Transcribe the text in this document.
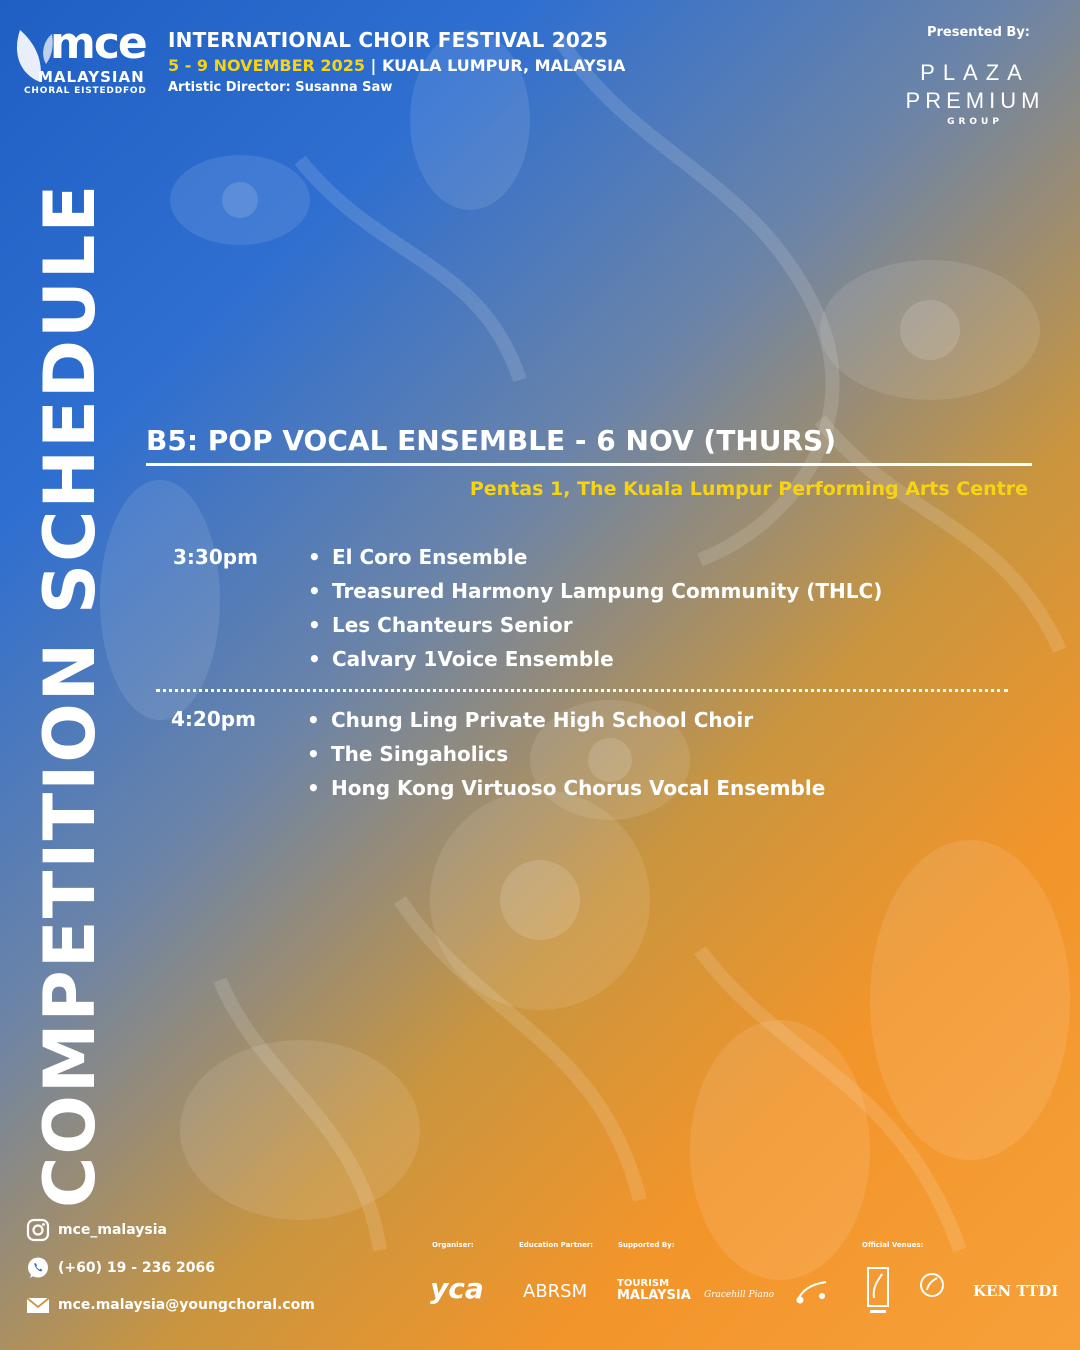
mce
MALAYSIAN
CHORAL EISTEDDFOD
INTERNATIONAL CHOIR FESTIVAL 2025
5 - 9 NOVEMBER 2025 | KUALA LUMPUR, MALAYSIA
Artistic Director: Susanna Saw
Presented By:
PLAZA
PREMIUM
GROUP
COMPETITION SCHEDULE B5: POP VOCAL ENSEMBLE - 6 NOV (THURS)
Pentas 1, The Kuala Lumpur Performing Arts Centre
3:30pm	• El Coro Ensemble
• Treasured Harmony Lampung Community (THLC)
• Les Chanteurs Senior
• Calvary 1Voice Ensemble
4:20pm	• Chung Ling Private High School Choir
• The Singaholics
• Hong Kong Virtuoso Chorus Vocal Ensemble
mce_malaysia
(+60) 19 - 236 2066
mce.malaysia@youngchoral.com
Organiser:	Education Partner:	Supported By:	Official Venues:
yca ABRSM	TOURISM
MALAYSIA Gracehill Piano	KEN TTDI
